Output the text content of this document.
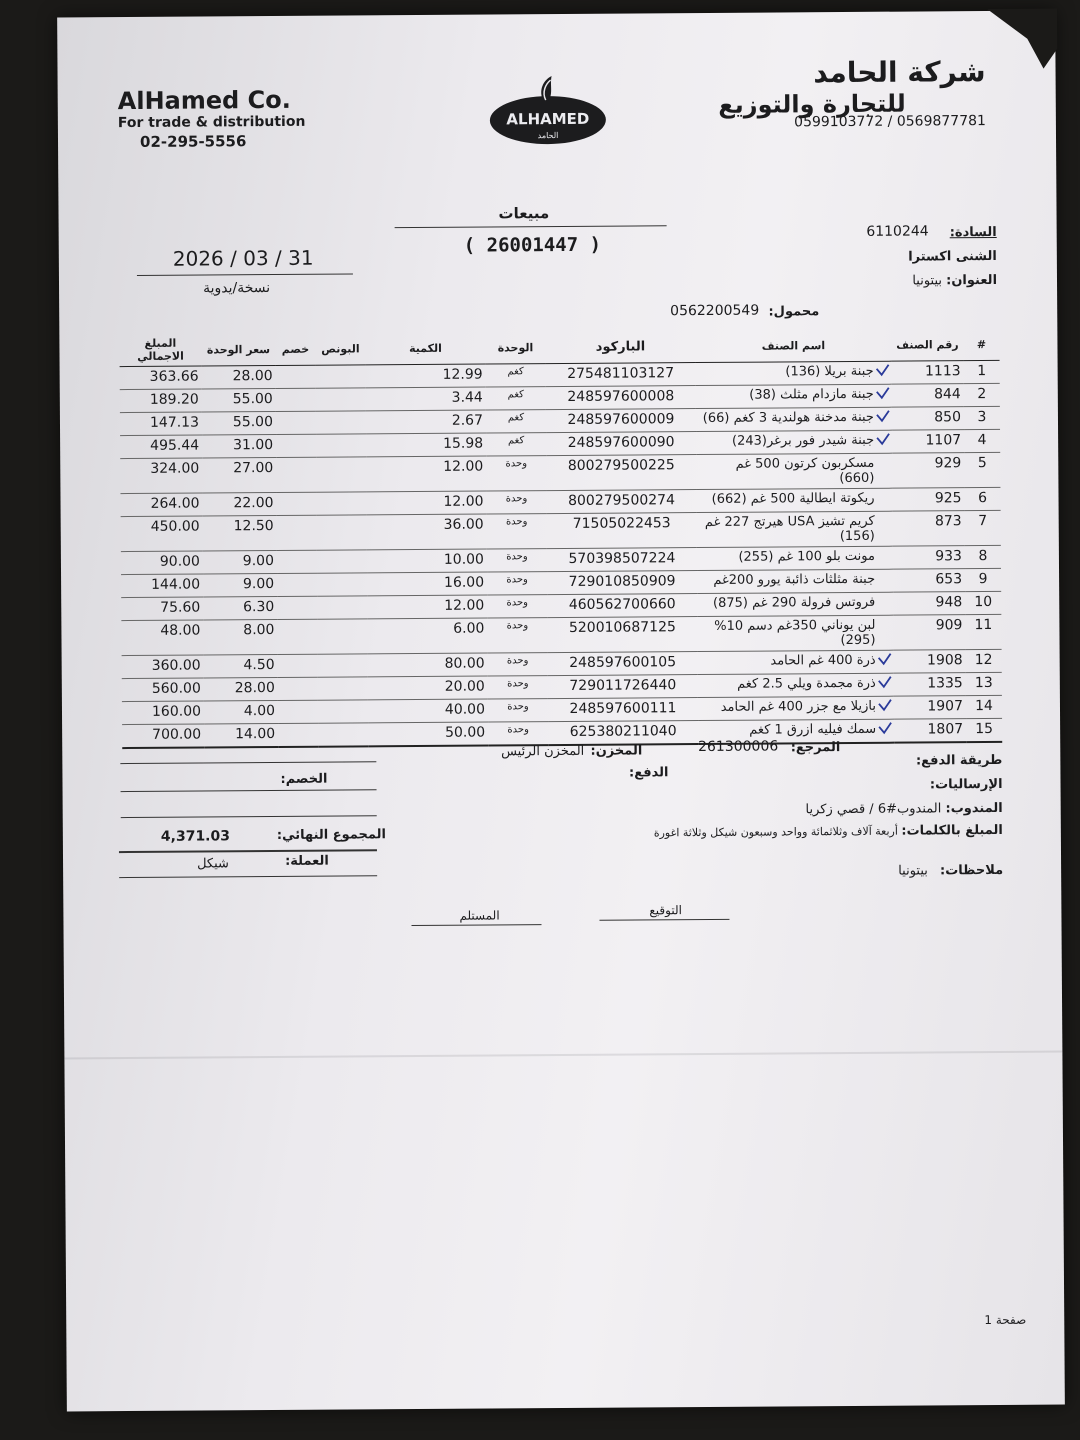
AlHamed Co.
For trade & distribution
02-295-5556
ALHAMED
الحامد
شركة الحامد
للتجارة والتوزيع
0599103772 / 0569877781
مبيعات
( 26001447 )
2026 / 03 / 31
نسخة/يدوية
السادة:
6110244
الشنى اكسترا
العنوان: بيتونيا
محمول:
0562200549
المبلغ الاجمالي	سعر الوحدة	خصم	البونص	الكمية	الوحدة	الباركود	اسم الصنف	رقم الصنف	#
363.66	28.00			12.99	كغم	275481103127	جبنة بريلا (136)	1113	1
189.20	55.00			3.44	كغم	248597600008	جبنة مازدام مثلث (38)	844	2
147.13	55.00			2.67	كغم	248597600009	جبنة مدخنة هولندية 3 كغم (66)	850	3
495.44	31.00			15.98	كغم	248597600090	جبنة شيدر فور برغر(243)	1107	4
324.00	27.00			12.00	وحدة	800279500225	مسكربون كرتون 500 غم (660)	929	5
264.00	22.00			12.00	وحدة	800279500274	ريكوتة ايطالية 500 غم (662)	925	6
450.00	12.50			36.00	وحدة	71505022453	كريم تشيز USA هيرتج 227 غم (156)	873	7
90.00	9.00			10.00	وحدة	570398507224	مونت بلو 100 غم (255)	933	8
144.00	9.00			16.00	وحدة	729010850909	جبنة مثلثات ذائبة يورو 200غم	653	9
75.60	6.30			12.00	وحدة	460562700660	فروتس فرولة 290 غم (875)	948	10
48.00	8.00			6.00	وحدة	520010687125	لبن يوناني 350غم دسم 10% (295)	909	11
360.00	4.50			80.00	وحدة	248597600105	ذرة 400 غم الحامد	1908	12
560.00	28.00			20.00	وحدة	729011726440	ذرة مجمدة ويلي 2.5 كغم	1335	13
160.00	4.00			40.00	وحدة	248597600111	بازيلا مع جزر 400 غم الحامد	1907	14
700.00	14.00			50.00	وحدة	625380211040	سمك فيليه ازرق 1 كغم	1807	15
المرجع:
261300006
المخزن:
المخزن الرئيس
طريقة الدفع:
الدفع:
الإرساليات:
المندوب: المندوب#6 / قصي زكريا
المبلغ بالكلمات: أربعة آلاف وثلاثمائة وواحد وسبعون شيكل وثلاثة اغورة
ملاحظات: بيتونيا
الخصم:
المجموع النهائي:
4,371.03
العملة:
شيكل
التوقيع
المستلم
صفحة 1
